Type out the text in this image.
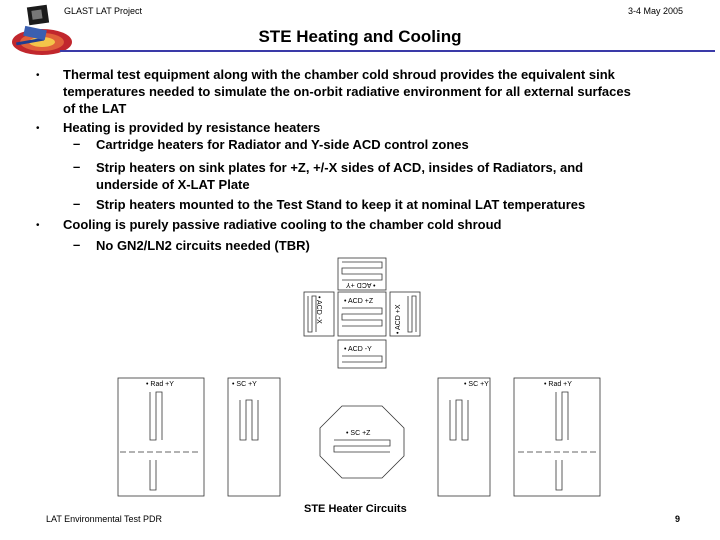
GLAST LAT Project	3-4 May 2005
STE Heating and Cooling
• Thermal test equipment along with the chamber cold shroud provides the equivalent sink
temperatures needed to simulate the on-orbit radiative environment for all external surfaces
of the LAT
• Heating is provided by resistance heaters
– Cartridge heaters for Radiator and Y-side ACD control zones
– Strip heaters on sink plates for +Z, +/-X sides of ACD, insides of Radiators, and
underside of X-LAT Plate
– Strip heaters mounted to the Test Stand to keep it at nominal LAT temperatures
• Cooling is purely passive radiative cooling to the chamber cold shroud
– No GN2/LN2 circuits needed (TBR)
• ACD +Y
• ACD +Z
• ACD -X	• ACD +X
• ACD -Y
• Rad +Y	• SC +Y	• SC +Y	• Rad +Y
• SC +Z
STE Heater Circuits
LAT Environmental Test PDR	9
